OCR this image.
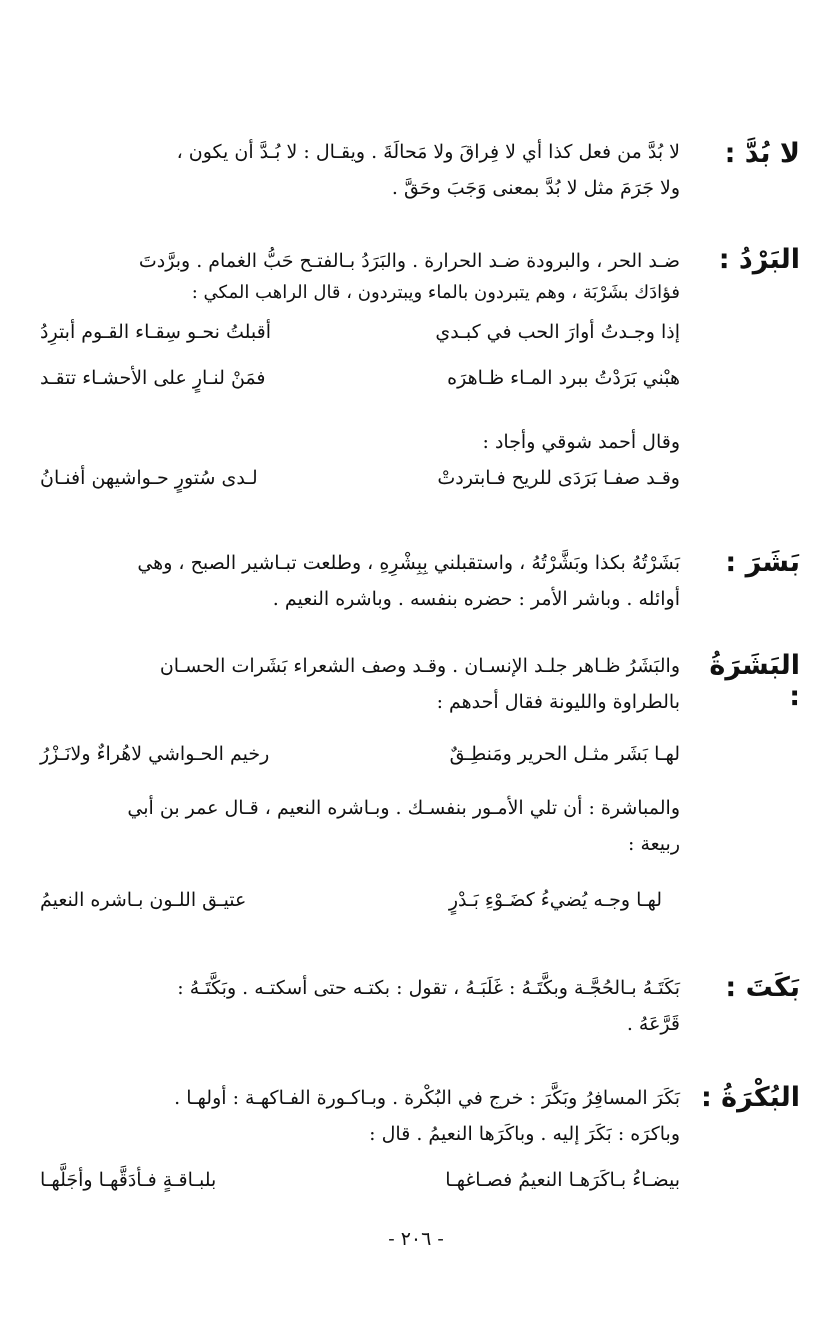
لا بُدَّ :
لا بُدَّ من فعل كذا أي لا فِراقَ ولا مَحالَةَ . ويقـال : لا بُـدَّ أن يكون ،
ولا جَرَمَ مثل لا بُدَّ بمعنى وَجَبَ وحَقَّ .
البَرْدُ :
ضـد الحر ، والبرودة ضـد الحرارة . والبَرَدُ بـالفتـح حَبُّ الغمام . وبرَّدتَ
فؤادَك بشَرْبَة ، وهم يتبردون بالماء ويبتردون ، قال الراهب المكي :
إذا وجـدتُ أوارَ الحب في كبـدي
أقبلتُ نحـو سِقـاء القـوم أبترِدُ
هبْني بَرَدْتُ ببرد المـاء ظـاهرَه
فمَنْ لنـارٍ على الأحشـاء تتقـد
وقال أحمد شوقي وأجاد :
وقـد صفـا بَرَدَى للريح فـابتردتْ
لـدى سُتورٍ حـواشيهن أفنـانُ
بَشَرَ :
بَشَرْتُهُ بكذا وبَشَّرْتُهُ ، واستقبلني بِبِشْرِهِ ، وطلعت تبـاشير الصبح ، وهي
أوائله . وباشر الأمر : حضره بنفسه . وباشره النعيم .
البَشَرَةُ :
والبَشَرُ ظـاهر جلـد الإنسـان . وقـد وصف الشعراء بَشَرات الحسـان
بالطراوة والليونة فقال أحدهم :
لهـا بَشَر مثـل الحرير ومَنطِـقٌ
رخيم الحـواشي لاهُراءٌ ولانَـزْرُ
والمباشرة : أن تلي الأمـور بنفسـك . وبـاشره النعيم ، قـال عمر بن أبي
ربيعة :
لهـا وجـه يُضيءُ كضَـوْءِ بَـدْرٍ
عتيـق اللـون بـاشره النعيمُ
بَكَتَ :
بَكَتَـهُ بـالحُجَّـة وبكَّتَـهُ : غَلَبَـهُ ، تقول : بكتـه حتى أسكتـه . وبَكَّتَـهُ :
قَرَّعَهُ .
البُكْرَةُ :
بَكَرَ المسافِرُ وبَكَّرَ : خرج في البُكْرة . وبـاكـورة الفـاكهـة : أولهـا .
وباكرَه : بَكَرَ إليه . وباكَرَها النعيمُ . قال :
بيضـاءُ بـاكَرَهـا النعيمُ فصـاغهـا
بلبـاقـةٍ فـأدَقَّهـا وأجَلَّهـا
- ٢٠٦ -
